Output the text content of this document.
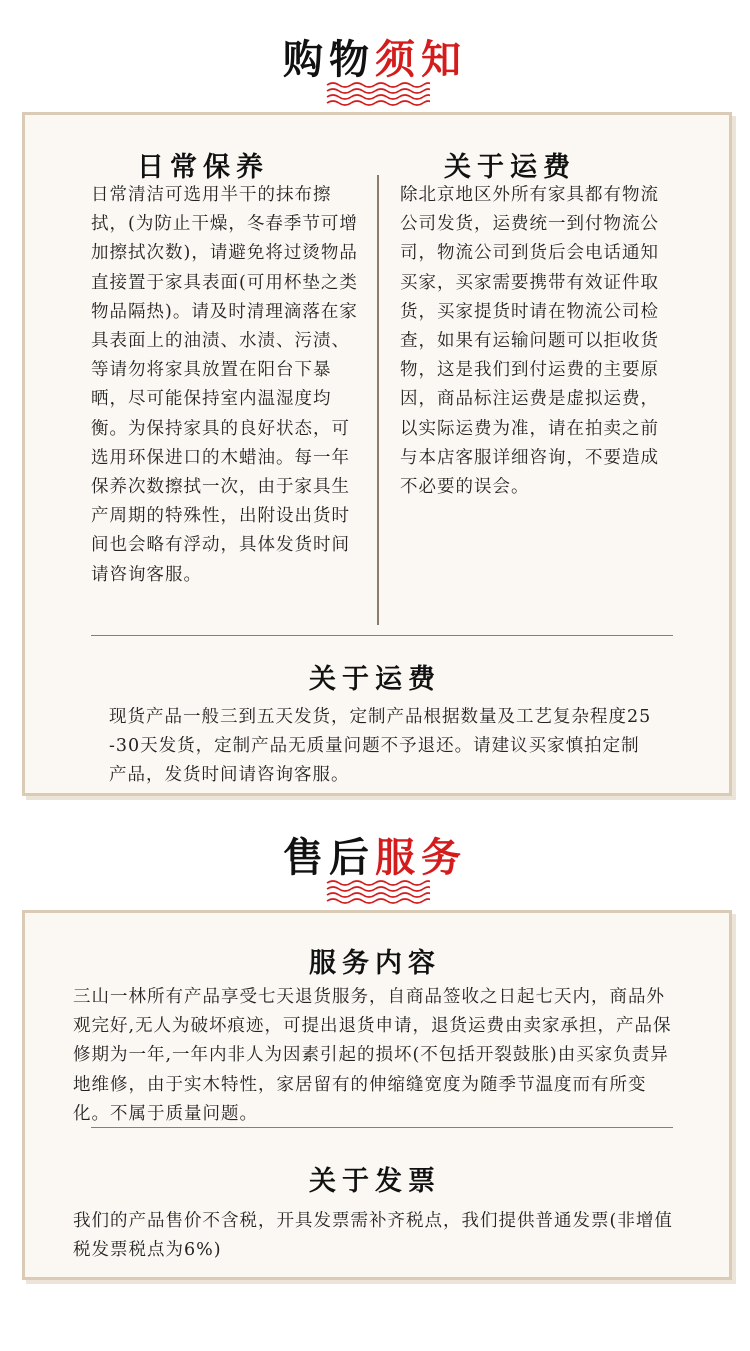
购物须知
日常保养
日常清洁可选用半干的抹布擦拭，(为防止干燥，冬春季节可增加擦拭次数)，请避免将过烫物品直接置于家具表面(可用杯垫之类物品隔热)。请及时清理滴落在家具表面上的油渍、水渍、污渍、等请勿将家具放置在阳台下暴晒，尽可能保持室内温湿度均衡。为保持家具的良好状态，可选用环保进口的木蜡油。每一年保养次数擦拭一次，由于家具生产周期的特殊性，出附设出货时间也会略有浮动，具体发货时间请咨询客服。
关于运费
除北京地区外所有家具都有物流公司发货，运费统一到付物流公司，物流公司到货后会电话通知买家，买家需要携带有效证件取货，买家提货时请在物流公司检查，如果有运输问题可以拒收货物，这是我们到付运费的主要原因，商品标注运费是虚拟运费，以实际运费为准，请在拍卖之前与本店客服详细咨询，不要造成不必要的误会。
关于运费
现货产品一般三到五天发货，定制产品根据数量及工艺复杂程度25-30天发货，定制产品无质量问题不予退还。请建议买家慎拍定制产品，发货时间请咨询客服。
售后服务
服务内容
三山一林所有产品享受七天退货服务，自商品签收之日起七天内，商品外观完好,无人为破坏痕迹，可提出退货申请，退货运费由卖家承担，产品保修期为一年,一年内非人为因素引起的损坏(不包括开裂鼓胀)由买家负责异地维修，由于实木特性，家居留有的伸缩缝宽度为随季节温度而有所变化。不属于质量问题。
关于发票
我们的产品售价不含税，开具发票需补齐税点，我们提供普通发票(非增值税发票税点为6%)
